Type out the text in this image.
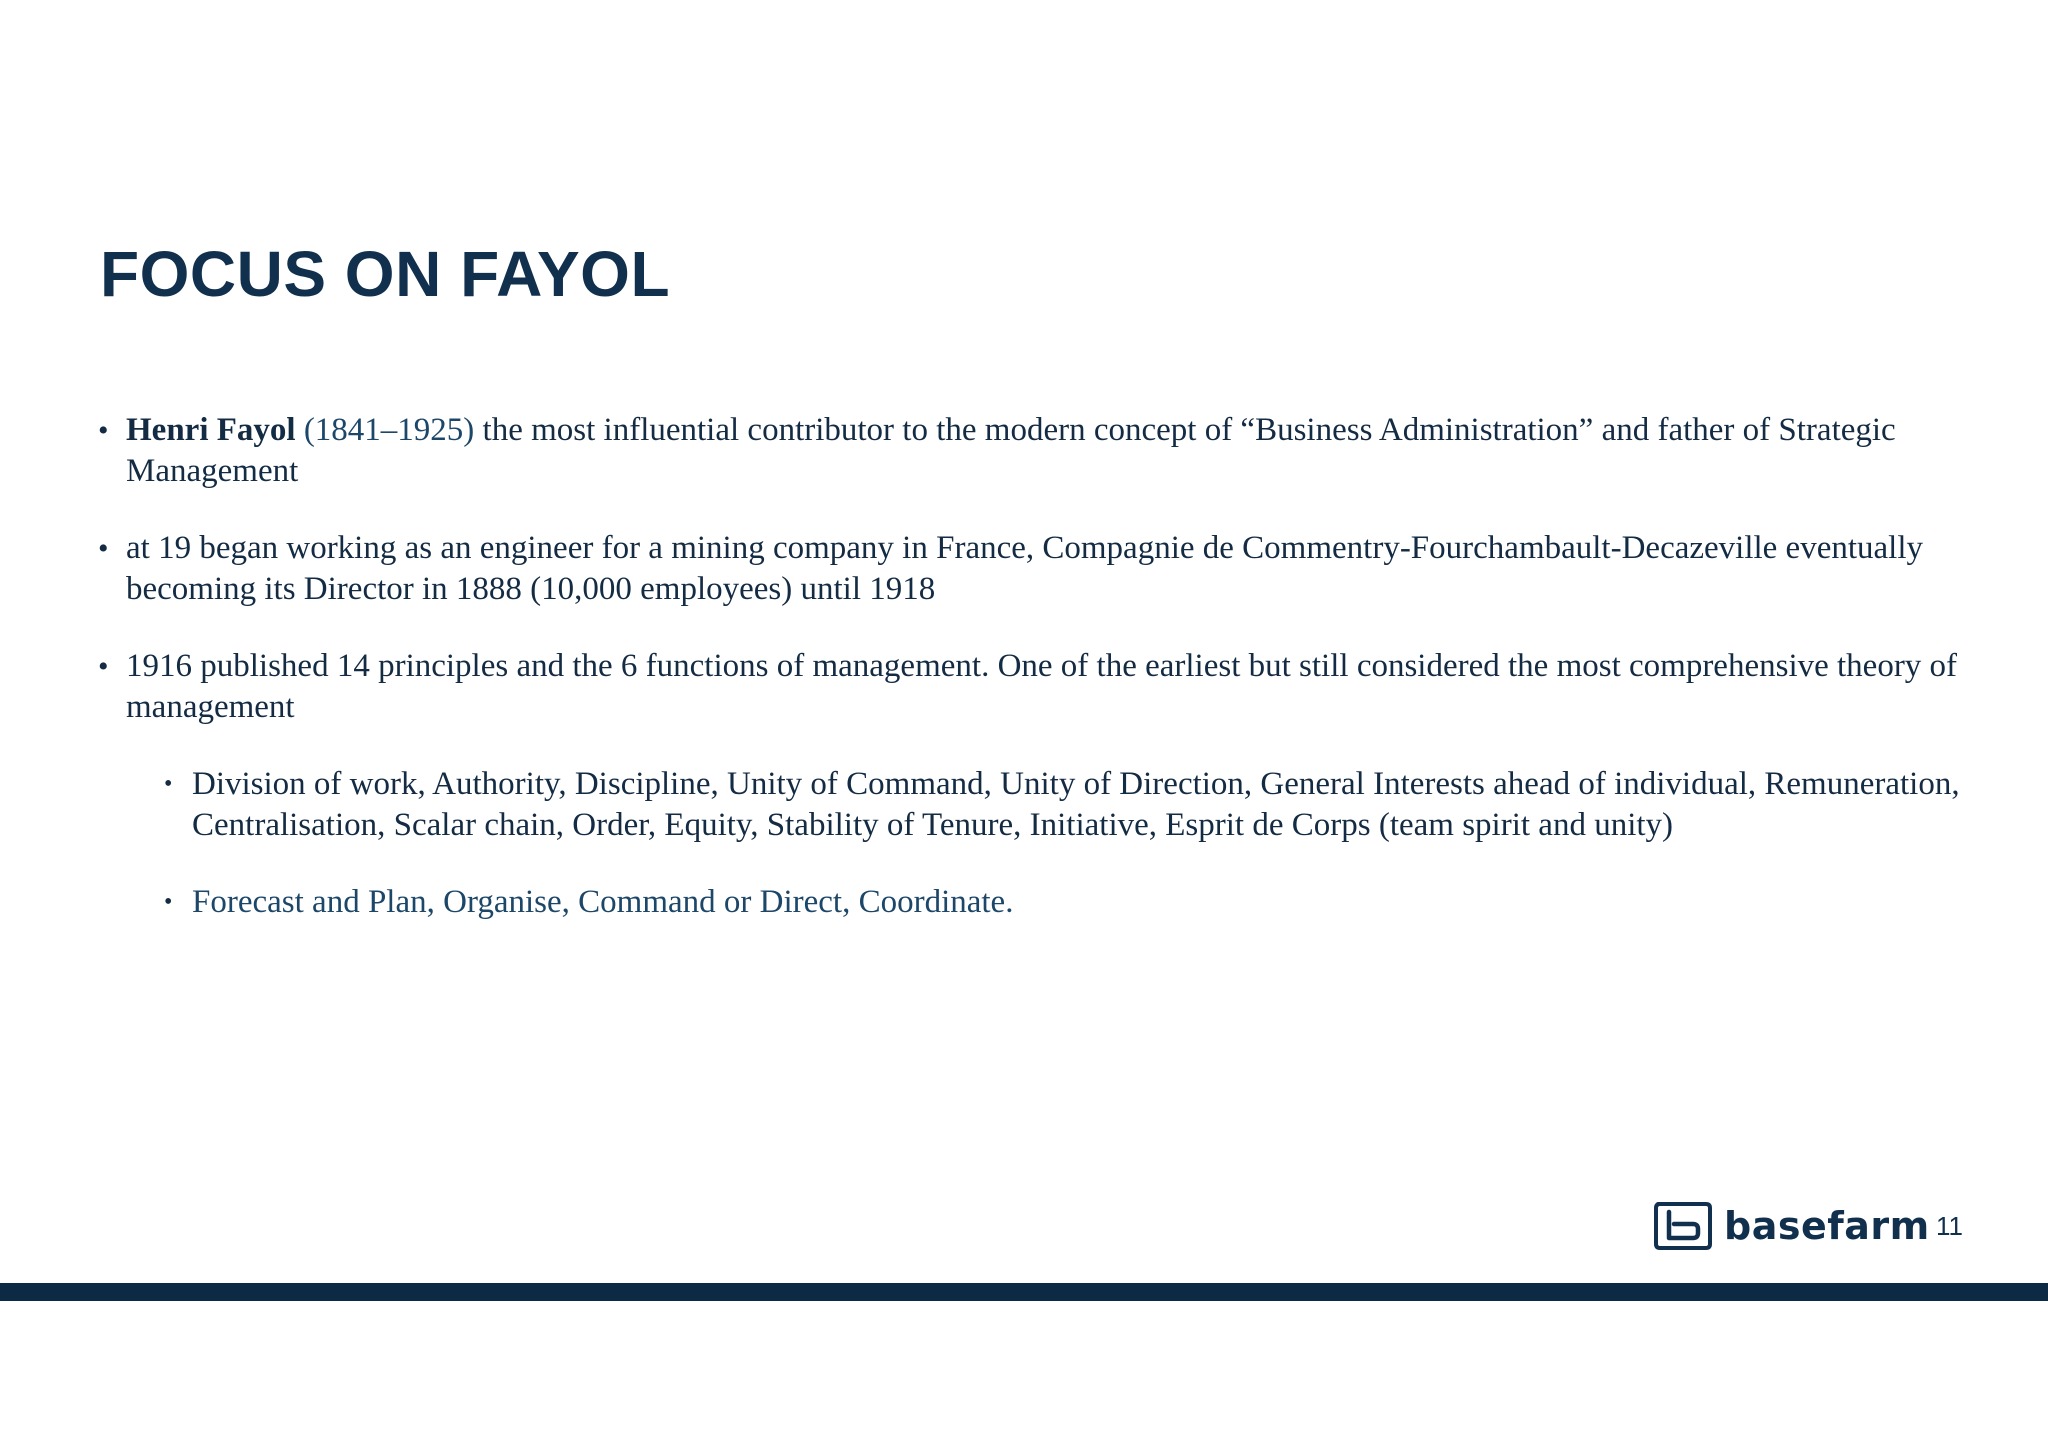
FOCUS ON FAYOL
• Henri Fayol (1841–1925) the most influential contributor to the modern concept of “Business Administration” and father of Strategic Management
• at 19 began working as an engineer for a mining company in France, Compagnie de Commentry-Fourchambault-Decazeville eventually becoming its Director in 1888 (10,000 employees) until 1918
• 1916 published 14 principles and the 6 functions of management. One of the earliest but still considered the most comprehensive theory of management
• Division of work, Authority, Discipline, Unity of Command, Unity of Direction, General Interests ahead of individual, Remuneration, Centralisation, Scalar chain, Order, Equity, Stability of Tenure, Initiative, Esprit de Corps (team spirit and unity)
• Forecast and Plan, Organise, Command or Direct, Coordinate.
basefarm 11
